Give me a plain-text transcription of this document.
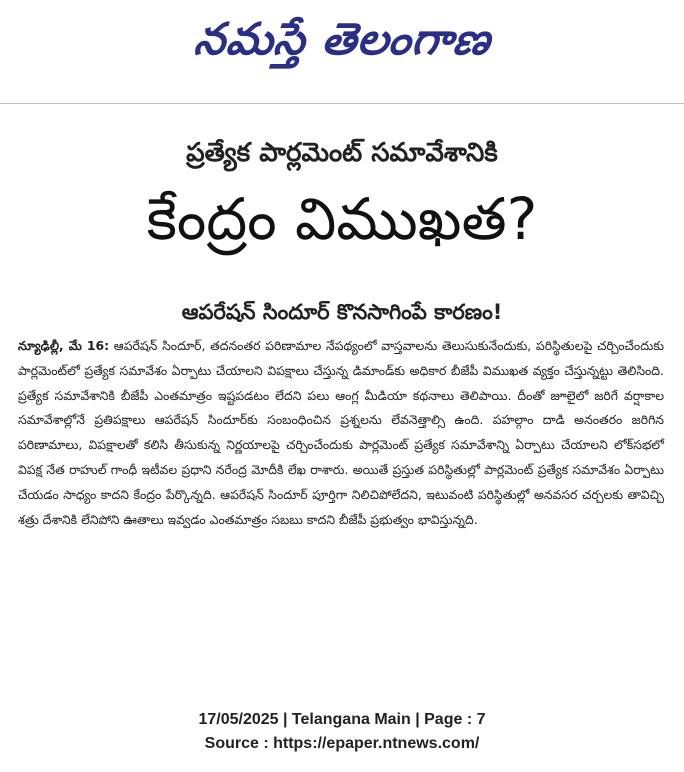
నమస్తే తెలంగాణ
ప్రత్యేక పార్లమెంట్ సమావేశానికి
కేంద్రం విముఖత?
ఆపరేషన్ సిందూర్ కొనసాగింపే కారణం!

న్యూఢిల్లీ, మే 16: ఆపరేషన్ సిందూర్, తదనంతర పరిణామాల నేపథ్యంలో వాస్తవాలను తెలుసుకునేందుకు, పరిస్థితులపై చర్చించేందుకు పార్లమెంట్‌లో ప్రత్యేక సమావేశం ఏర్పాటు చేయాలని విపక్షాలు చేస్తున్న డిమాండ్‌కు అధికార బీజేపీ విముఖత వ్యక్తం చేస్తున్నట్టు తెలిసింది. ప్రత్యేక సమావేశానికి బీజేపీ ఎంతమాత్రం ఇష్టపడటం లేదని పలు ఆంగ్ల మీడియా కథనాలు తెలిపాయి. దీంతో జూలైలో జరిగే వర్షాకాల సమావేశాల్లోనే ప్రతిపక్షాలు ఆపరేషన్ సిందూర్‌కు సంబంధించిన ప్రశ్నలను లేవనెత్తాల్సి ఉంది. పహల్గాం దాడి అనంతరం జరిగిన పరిణామాలు, విపక్షాలతో కలిసి తీసుకున్న నిర్ణయాలపై చర్చించేందుకు పార్లమెంట్ ప్రత్యేక సమావేశాన్ని ఏర్పాటు చేయాలని లోక్‌సభలో విపక్ష నేత రాహుల్ గాంధీ ఇటీవల ప్రధాని నరేంద్ర మోదీకి లేఖ రాశారు. అయితే ప్రస్తుత పరిస్థితుల్లో పార్లమెంట్ ప్రత్యేక సమావేశం ఏర్పాటు చేయడం సాధ్యం కాదని కేంద్రం పేర్కొన్నది. ఆపరేషన్ సిందూర్ పూర్తిగా నిలిచిపోలేదని, ఇటువంటి పరిస్థితుల్లో అనవసర చర్చలకు తావిచ్చి శత్రు దేశానికి లేనిపోని ఊతాలు ఇవ్వడం ఎంతమాత్రం సబబు కాదని బీజేపీ ప్రభుత్వం భావిస్తున్నది.

17/05/2025 | Telangana Main | Page : 7
Source : https://epaper.ntnews.com/
